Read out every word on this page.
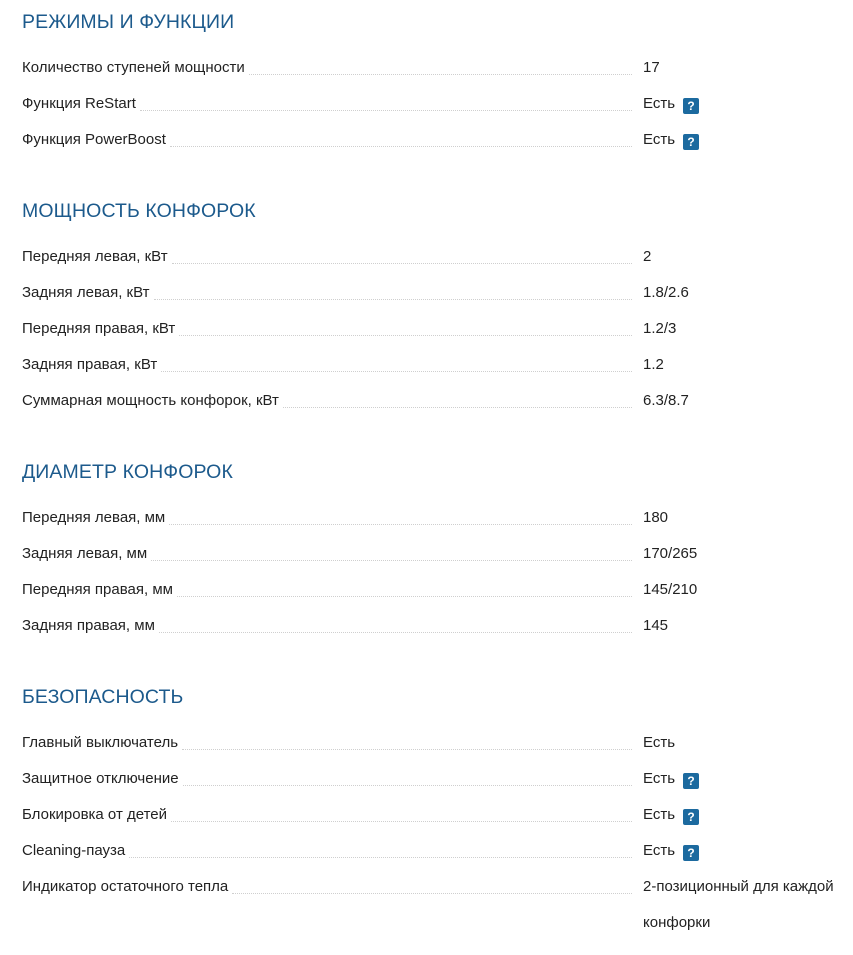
РЕЖИМЫ И ФУНКЦИИ
Количество ступеней мощности	17
Функция ReStart	Есть ?
Функция PowerBoost	Есть ?
МОЩНОСТЬ КОНФОРОК
Передняя левая, кВт	2
Задняя левая, кВт	1.8/2.6
Передняя правая, кВт	1.2/3
Задняя правая, кВт	1.2
Суммарная мощность конфорок, кВт	6.3/8.7
ДИАМЕТР КОНФОРОК
Передняя левая, мм	180
Задняя левая, мм	170/265
Передняя правая, мм	145/210
Задняя правая, мм	145
БЕЗОПАСНОСТЬ
Главный выключатель	Есть
Защитное отключение	Есть ?
Блокировка от детей	Есть ?
Cleaning-пауза	Есть ?
Индикатор остаточного тепла	2-позиционный для каждой конфорки
